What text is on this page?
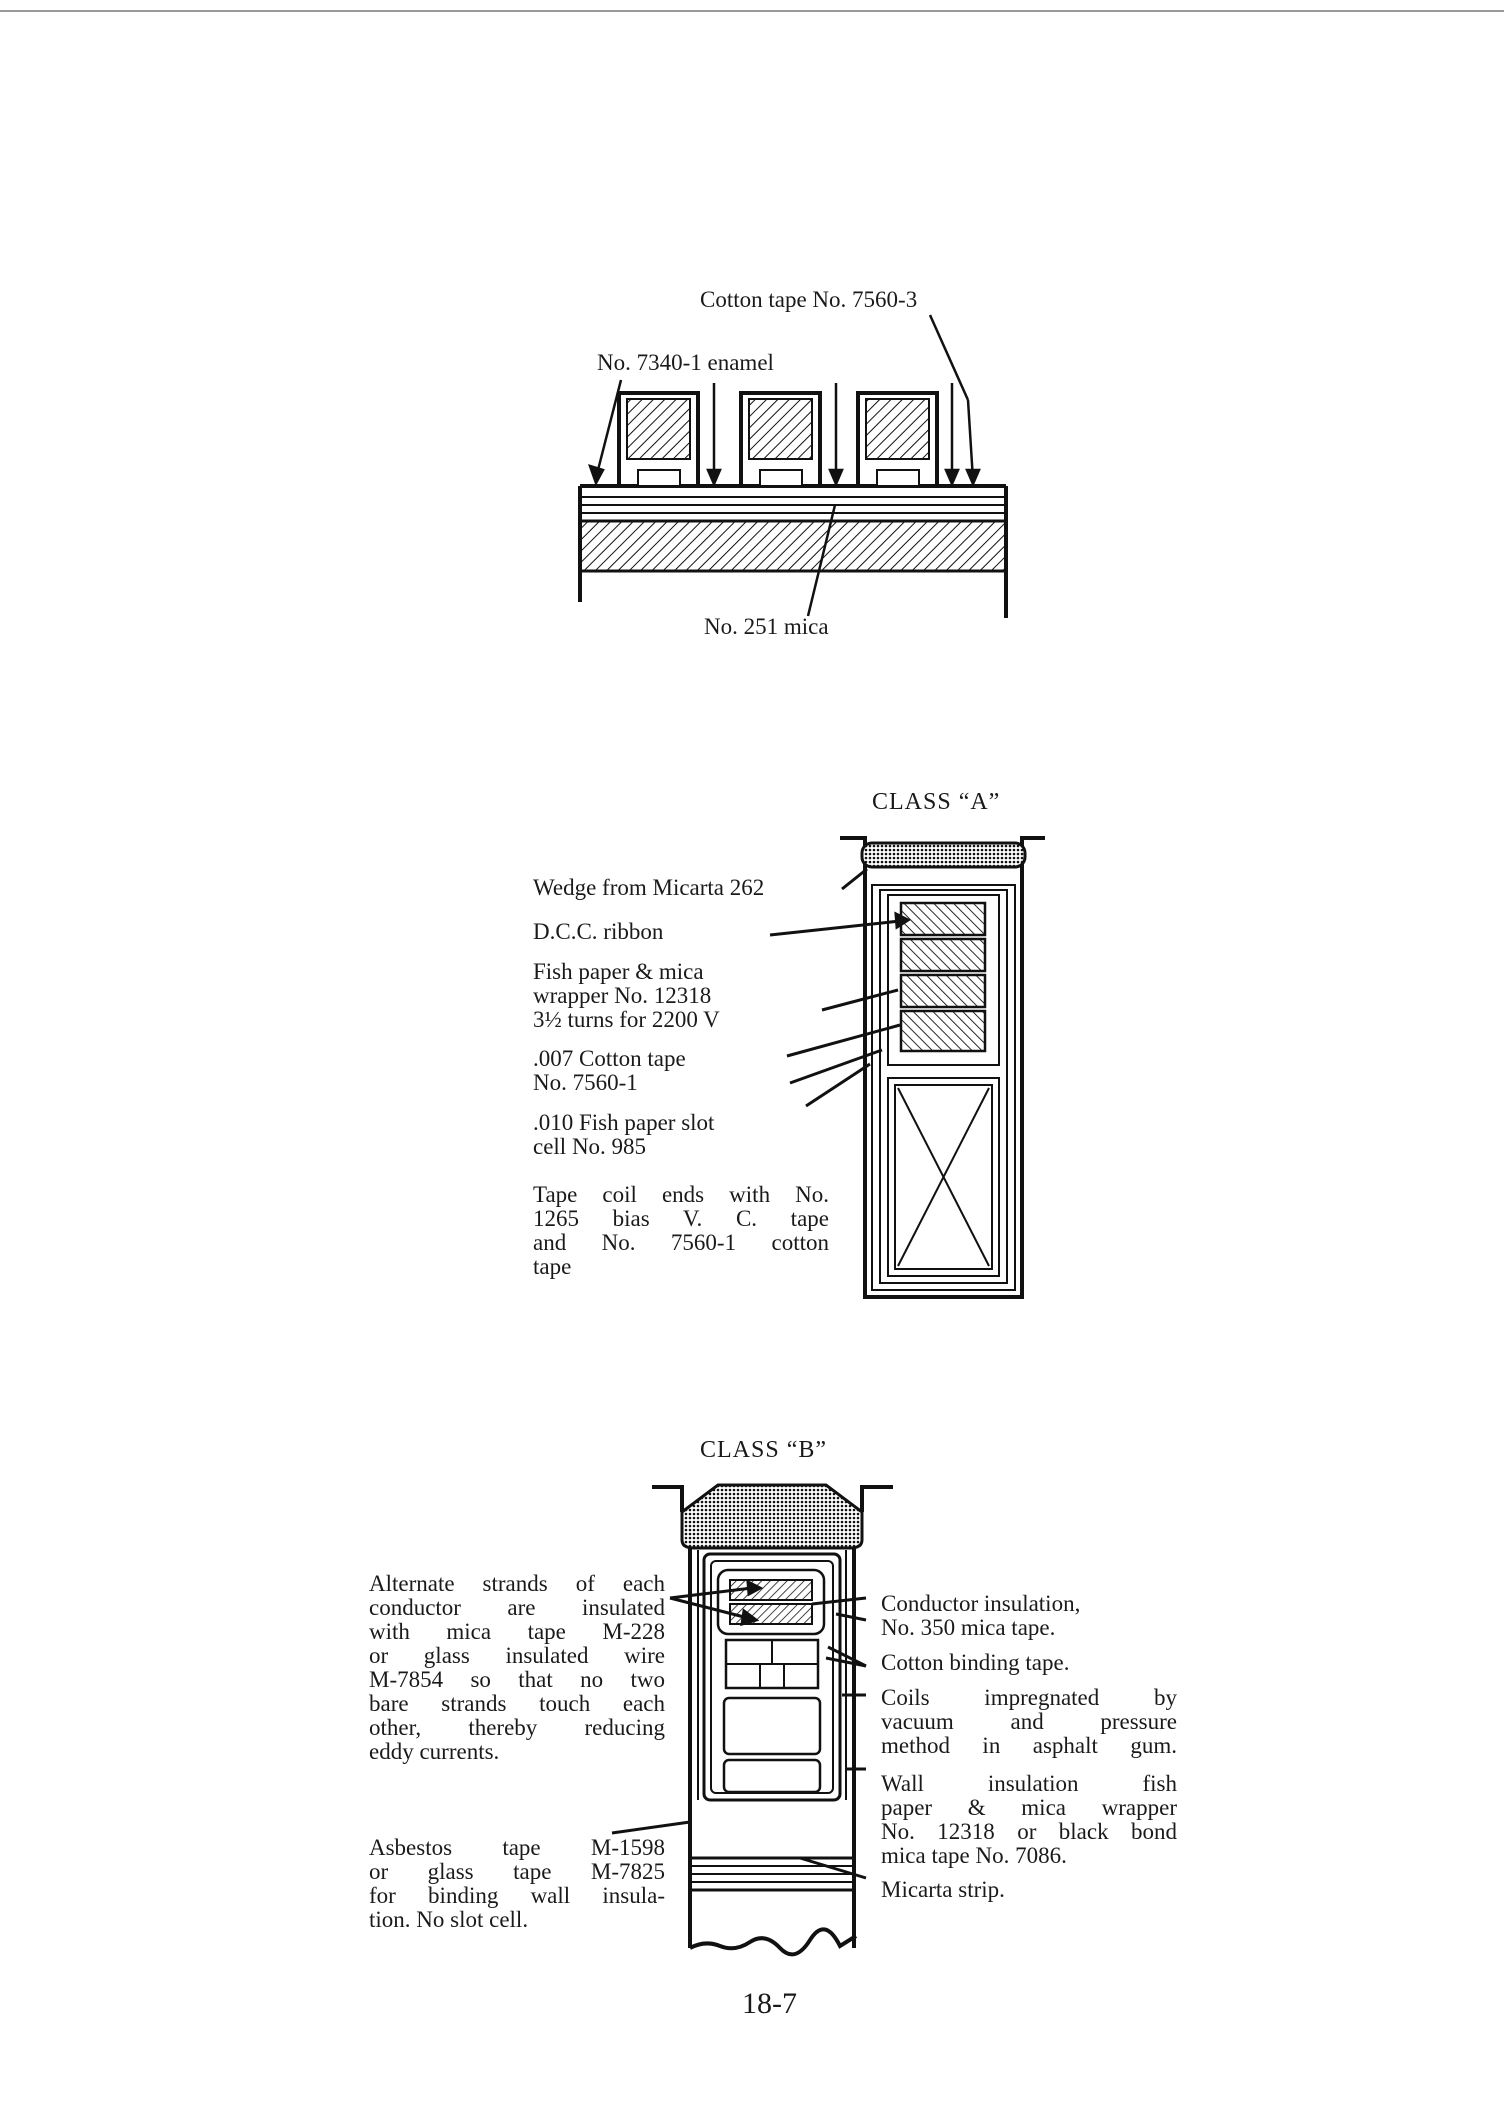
Cotton tape No. 7560-3
No. 7340-1 enamel
No. 251 mica
CLASS “A”
Wedge from Micarta 262
D.C.C. ribbon
Fish paper & mica
wrapper No. 12318
3½ turns for 2200 V
.007 Cotton tape
No. 7560-1
.010 Fish paper slot
cell No. 985
Tape coil ends with No.
1265 bias V. C. tape
and No. 7560-1 cotton
tape
CLASS “B”
Alternate strands of each
conductor are insulated
with mica tape M-228
or glass insulated wire
M-7854 so that no two
bare strands touch each
other, thereby reducing
eddy currents.
Asbestos tape M-1598
or glass tape M-7825
for binding wall insula-
tion. No slot cell.
Conductor insulation,
No. 350 mica tape.
Cotton binding tape.
Coils impregnated by
vacuum and pressure
method in asphalt gum.
Wall insulation fish
paper & mica wrapper
No. 12318 or black bond
mica tape No. 7086.
Micarta strip.
18-7
